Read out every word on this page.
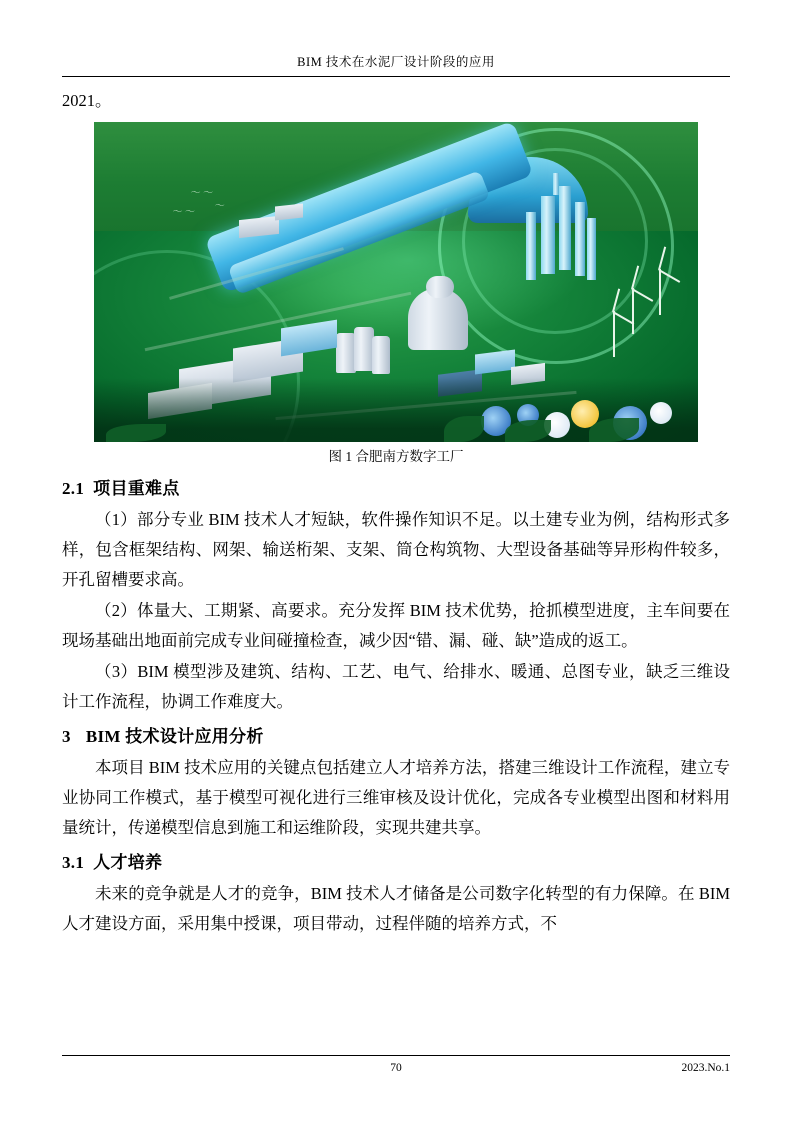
BIM 技术在水泥厂设计阶段的应用

2021。

〜 〜
〜
〜 〜
图 1 合肥南方数字工厂
2.1 项目重难点

（1）部分专业 BIM 技术人才短缺，软件操作知识不足。以土建专业为例，结构形式多样，包含框架结构、网架、输送桁架、支架、筒仓构筑物、大型设备基础等异形构件较多，开孔留槽要求高。

（2）体量大、工期紧、高要求。充分发挥 BIM 技术优势，抢抓模型进度，主车间要在现场基础出地面前完成专业间碰撞检查，减少因“错、漏、碰、缺”造成的返工。

（3）BIM 模型涉及建筑、结构、工艺、电气、给排水、暖通、总图专业，缺乏三维设计工作流程，协调工作难度大。

3 BIM 技术设计应用分析

本项目 BIM 技术应用的关键点包括建立人才培养方法，搭建三维设计工作流程，建立专业协同工作模式，基于模型可视化进行三维审核及设计优化，完成各专业模型出图和材料用量统计，传递模型信息到施工和运维阶段，实现共建共享。

3.1 人才培养

未来的竞争就是人才的竞争，BIM 技术人才储备是公司数字化转型的有力保障。在 BIM 人才建设方面，采用集中授课，项目带动，过程伴随的培养方式，不

70	2023.No.1
